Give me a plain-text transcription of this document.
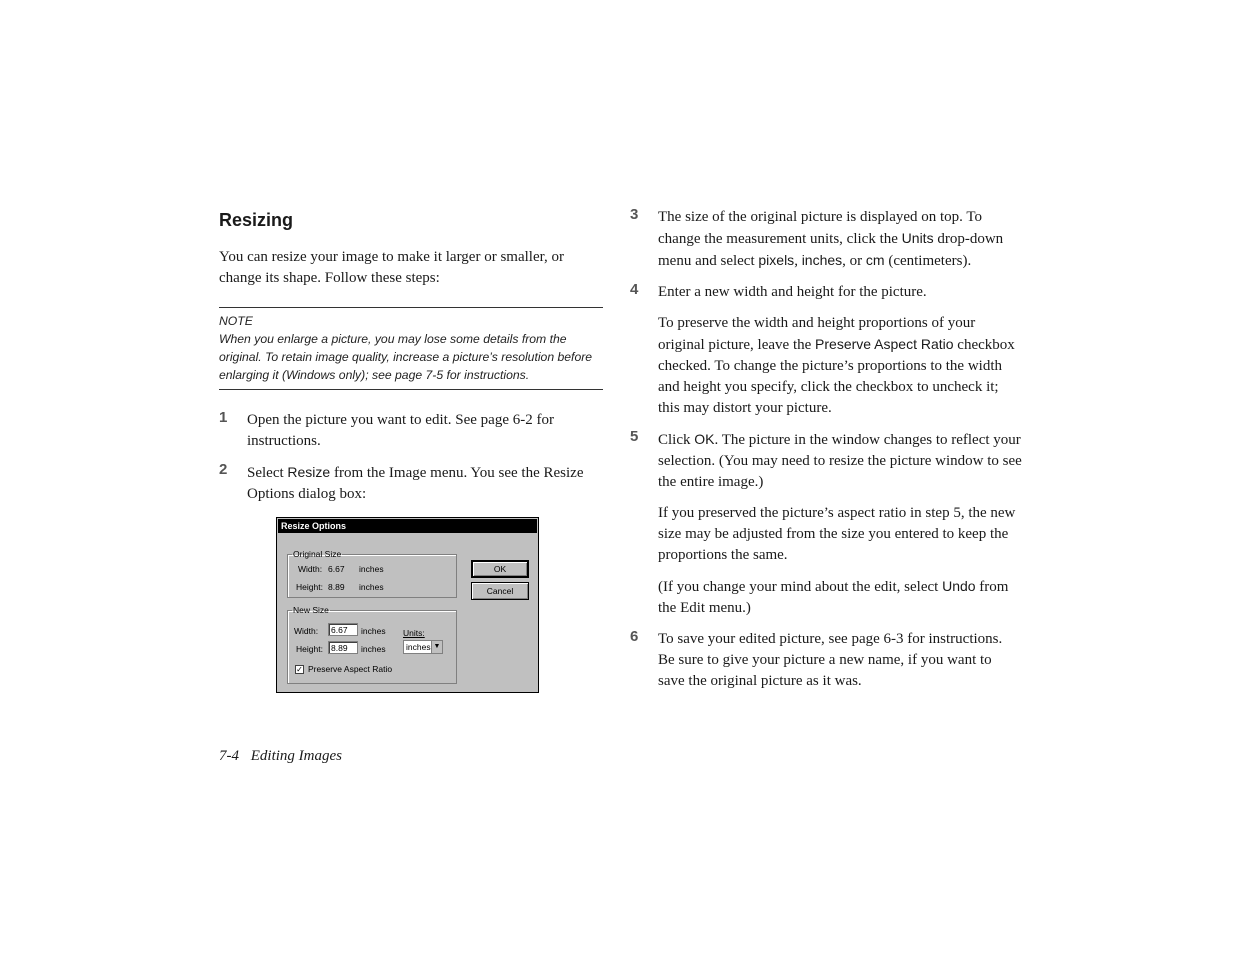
Resizing

You can resize your image to make it larger or smaller, or change its shape. Follow these steps:

NOTE
When you enlarge a picture, you may lose some details from the original. To retain image quality, increase a picture’s resolution before enlarging it (Windows only); see page 7-5 for instructions.
1 Open the picture you want to edit. See page 6-2 for instructions.

2 Select Resize from the Image menu. You see the Resize Options dialog box:

Resize Options
Original Size
Width: 6.67 inches
Height: 8.89 inches
New Size
Width:	6.67	inches
Height: 8.89	inches
Units:
inches ▼
✓ Preserve Aspect Ratio
OK
Cancel
3 The size of the original picture is displayed on top. To change the measurement units, click the Units drop-down menu and select pixels, inches, or cm (centimeters).

4 Enter a new width and height for the picture.

To preserve the width and height proportions of your original picture, leave the Preserve Aspect Ratio checkbox checked. To change the picture’s proportions to the width and height you specify, click the checkbox to uncheck it; this may distort your picture.

5 Click OK. The picture in the window changes to reflect your selection. (You may need to resize the picture window to see the entire image.)

If you preserved the picture’s aspect ratio in step 5, the new size may be adjusted from the size you entered to keep the proportions the same.

(If you change your mind about the edit, select Undo from the Edit menu.)

6 To save your edited picture, see page 6-3 for instructions. Be sure to give your picture a new name, if you want to save the original picture as it was.

7-4 Editing Images
